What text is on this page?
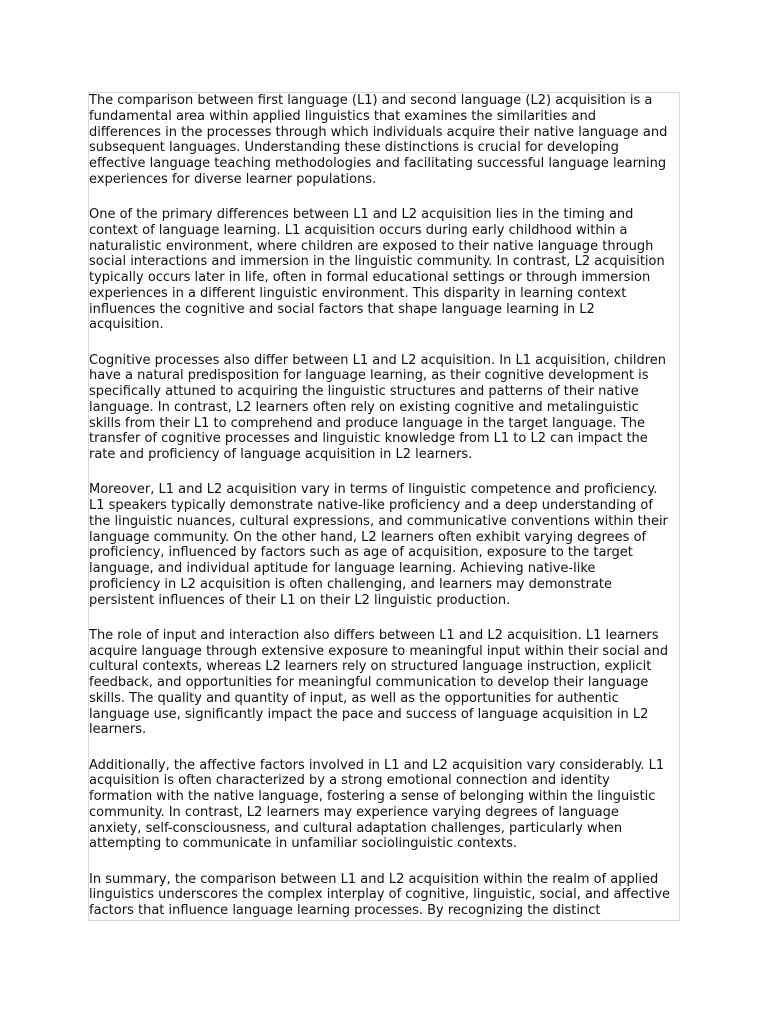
The comparison between first language (L1) and second language (L2) acquisition is a
fundamental area within applied linguistics that examines the similarities and
differences in the processes through which individuals acquire their native language and
subsequent languages. Understanding these distinctions is crucial for developing
effective language teaching methodologies and facilitating successful language learning
experiences for diverse learner populations.

One of the primary differences between L1 and L2 acquisition lies in the timing and
context of language learning. L1 acquisition occurs during early childhood within a
naturalistic environment, where children are exposed to their native language through
social interactions and immersion in the linguistic community. In contrast, L2 acquisition
typically occurs later in life, often in formal educational settings or through immersion
experiences in a different linguistic environment. This disparity in learning context
influences the cognitive and social factors that shape language learning in L2
acquisition.

Cognitive processes also differ between L1 and L2 acquisition. In L1 acquisition, children
have a natural predisposition for language learning, as their cognitive development is
specifically attuned to acquiring the linguistic structures and patterns of their native
language. In contrast, L2 learners often rely on existing cognitive and metalinguistic
skills from their L1 to comprehend and produce language in the target language. The
transfer of cognitive processes and linguistic knowledge from L1 to L2 can impact the
rate and proficiency of language acquisition in L2 learners.

Moreover, L1 and L2 acquisition vary in terms of linguistic competence and proficiency.
L1 speakers typically demonstrate native-like proficiency and a deep understanding of
the linguistic nuances, cultural expressions, and communicative conventions within their
language community. On the other hand, L2 learners often exhibit varying degrees of
proficiency, influenced by factors such as age of acquisition, exposure to the target
language, and individual aptitude for language learning. Achieving native-like
proficiency in L2 acquisition is often challenging, and learners may demonstrate
persistent influences of their L1 on their L2 linguistic production.

The role of input and interaction also differs between L1 and L2 acquisition. L1 learners
acquire language through extensive exposure to meaningful input within their social and
cultural contexts, whereas L2 learners rely on structured language instruction, explicit
feedback, and opportunities for meaningful communication to develop their language
skills. The quality and quantity of input, as well as the opportunities for authentic
language use, significantly impact the pace and success of language acquisition in L2
learners.

Additionally, the affective factors involved in L1 and L2 acquisition vary considerably. L1
acquisition is often characterized by a strong emotional connection and identity
formation with the native language, fostering a sense of belonging within the linguistic
community. In contrast, L2 learners may experience varying degrees of language
anxiety, self-consciousness, and cultural adaptation challenges, particularly when
attempting to communicate in unfamiliar sociolinguistic contexts.

In summary, the comparison between L1 and L2 acquisition within the realm of applied
linguistics underscores the complex interplay of cognitive, linguistic, social, and affective
factors that influence language learning processes. By recognizing the distinct
